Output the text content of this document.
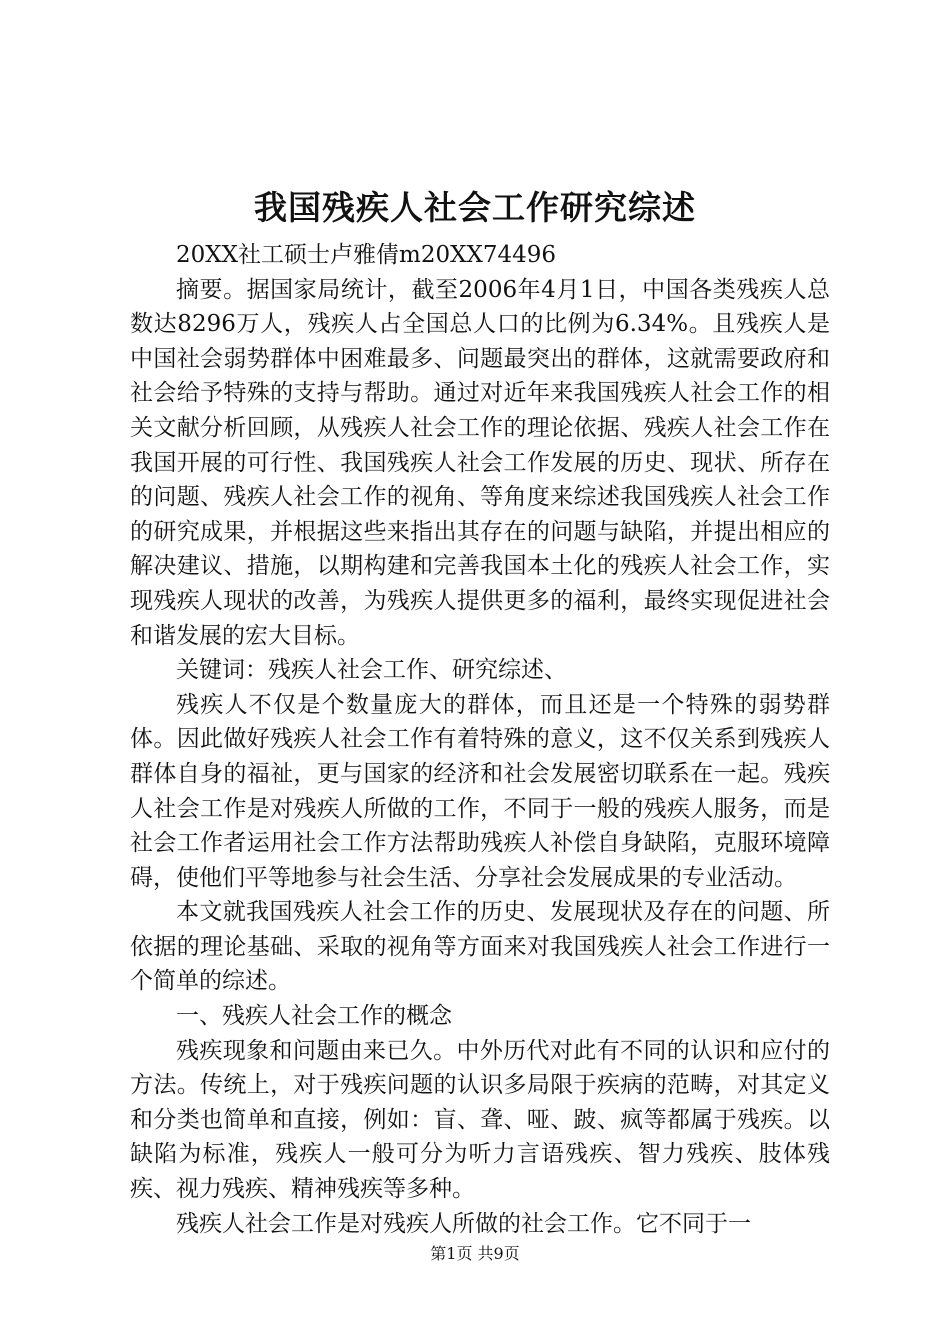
我国残疾人社会工作研究综述

20XX社工硕士卢雅倩m20XX74496

摘要。据国家局统计，截至2006年4月1日，中国各类残疾人总数达8296万人，残疾人占全国总人口的比例为6.34%。且残疾人是中国社会弱势群体中困难最多、问题最突出的群体，这就需要政府和社会给予特殊的支持与帮助。通过对近年来我国残疾人社会工作的相关文献分析回顾，从残疾人社会工作的理论依据、残疾人社会工作在我国开展的可行性、我国残疾人社会工作发展的历史、现状、所存在的问题、残疾人社会工作的视角、等角度来综述我国残疾人社会工作的研究成果，并根据这些来指出其存在的问题与缺陷，并提出相应的解决建议、措施，以期构建和完善我国本土化的残疾人社会工作，实现残疾人现状的改善，为残疾人提供更多的福利，最终实现促进社会和谐发展的宏大目标。

关键词：残疾人社会工作、研究综述、

残疾人不仅是个数量庞大的群体，而且还是一个特殊的弱势群体。因此做好残疾人社会工作有着特殊的意义，这不仅关系到残疾人群体自身的福祉，更与国家的经济和社会发展密切联系在一起。残疾人社会工作是对残疾人所做的工作，不同于一般的残疾人服务，而是社会工作者运用社会工作方法帮助残疾人补偿自身缺陷，克服环境障碍，使他们平等地参与社会生活、分享社会发展成果的专业活动。

本文就我国残疾人社会工作的历史、发展现状及存在的问题、所依据的理论基础、采取的视角等方面来对我国残疾人社会工作进行一个简单的综述。

一、残疾人社会工作的概念

残疾现象和问题由来已久。中外历代对此有不同的认识和应付的方法。传统上，对于残疾问题的认识多局限于疾病的范畴，对其定义和分类也简单和直接，例如：盲、聋、哑、跛、疯等都属于残疾。以缺陷为标准，残疾人一般可分为听力言语残疾、智力残疾、肢体残疾、视力残疾、精神残疾等多种。

残疾人社会工作是对残疾人所做的社会工作。它不同于一

第1页 共9页
